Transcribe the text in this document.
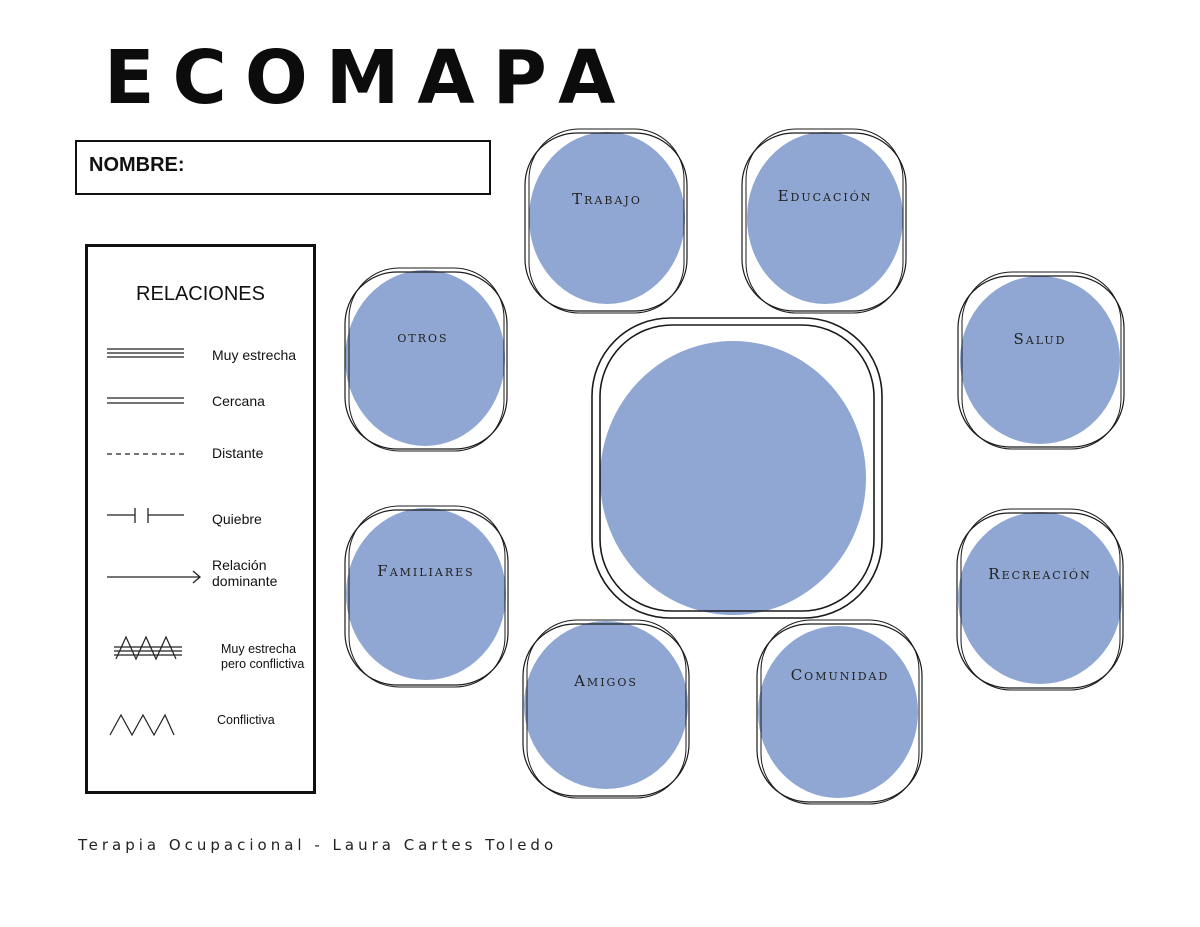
ECOMAPA
NOMBRE:
RELACIONES
Muy estrecha
Cercana
Distante
Quiebre
Relación
dominante
Muy estrecha
pero conflictiva
Conflictiva
Trabajo	Educación
otros	Salud
Familiares	Recreación
Amigos	Comunidad
Terapia Ocupacional - Laura Cartes Toledo
